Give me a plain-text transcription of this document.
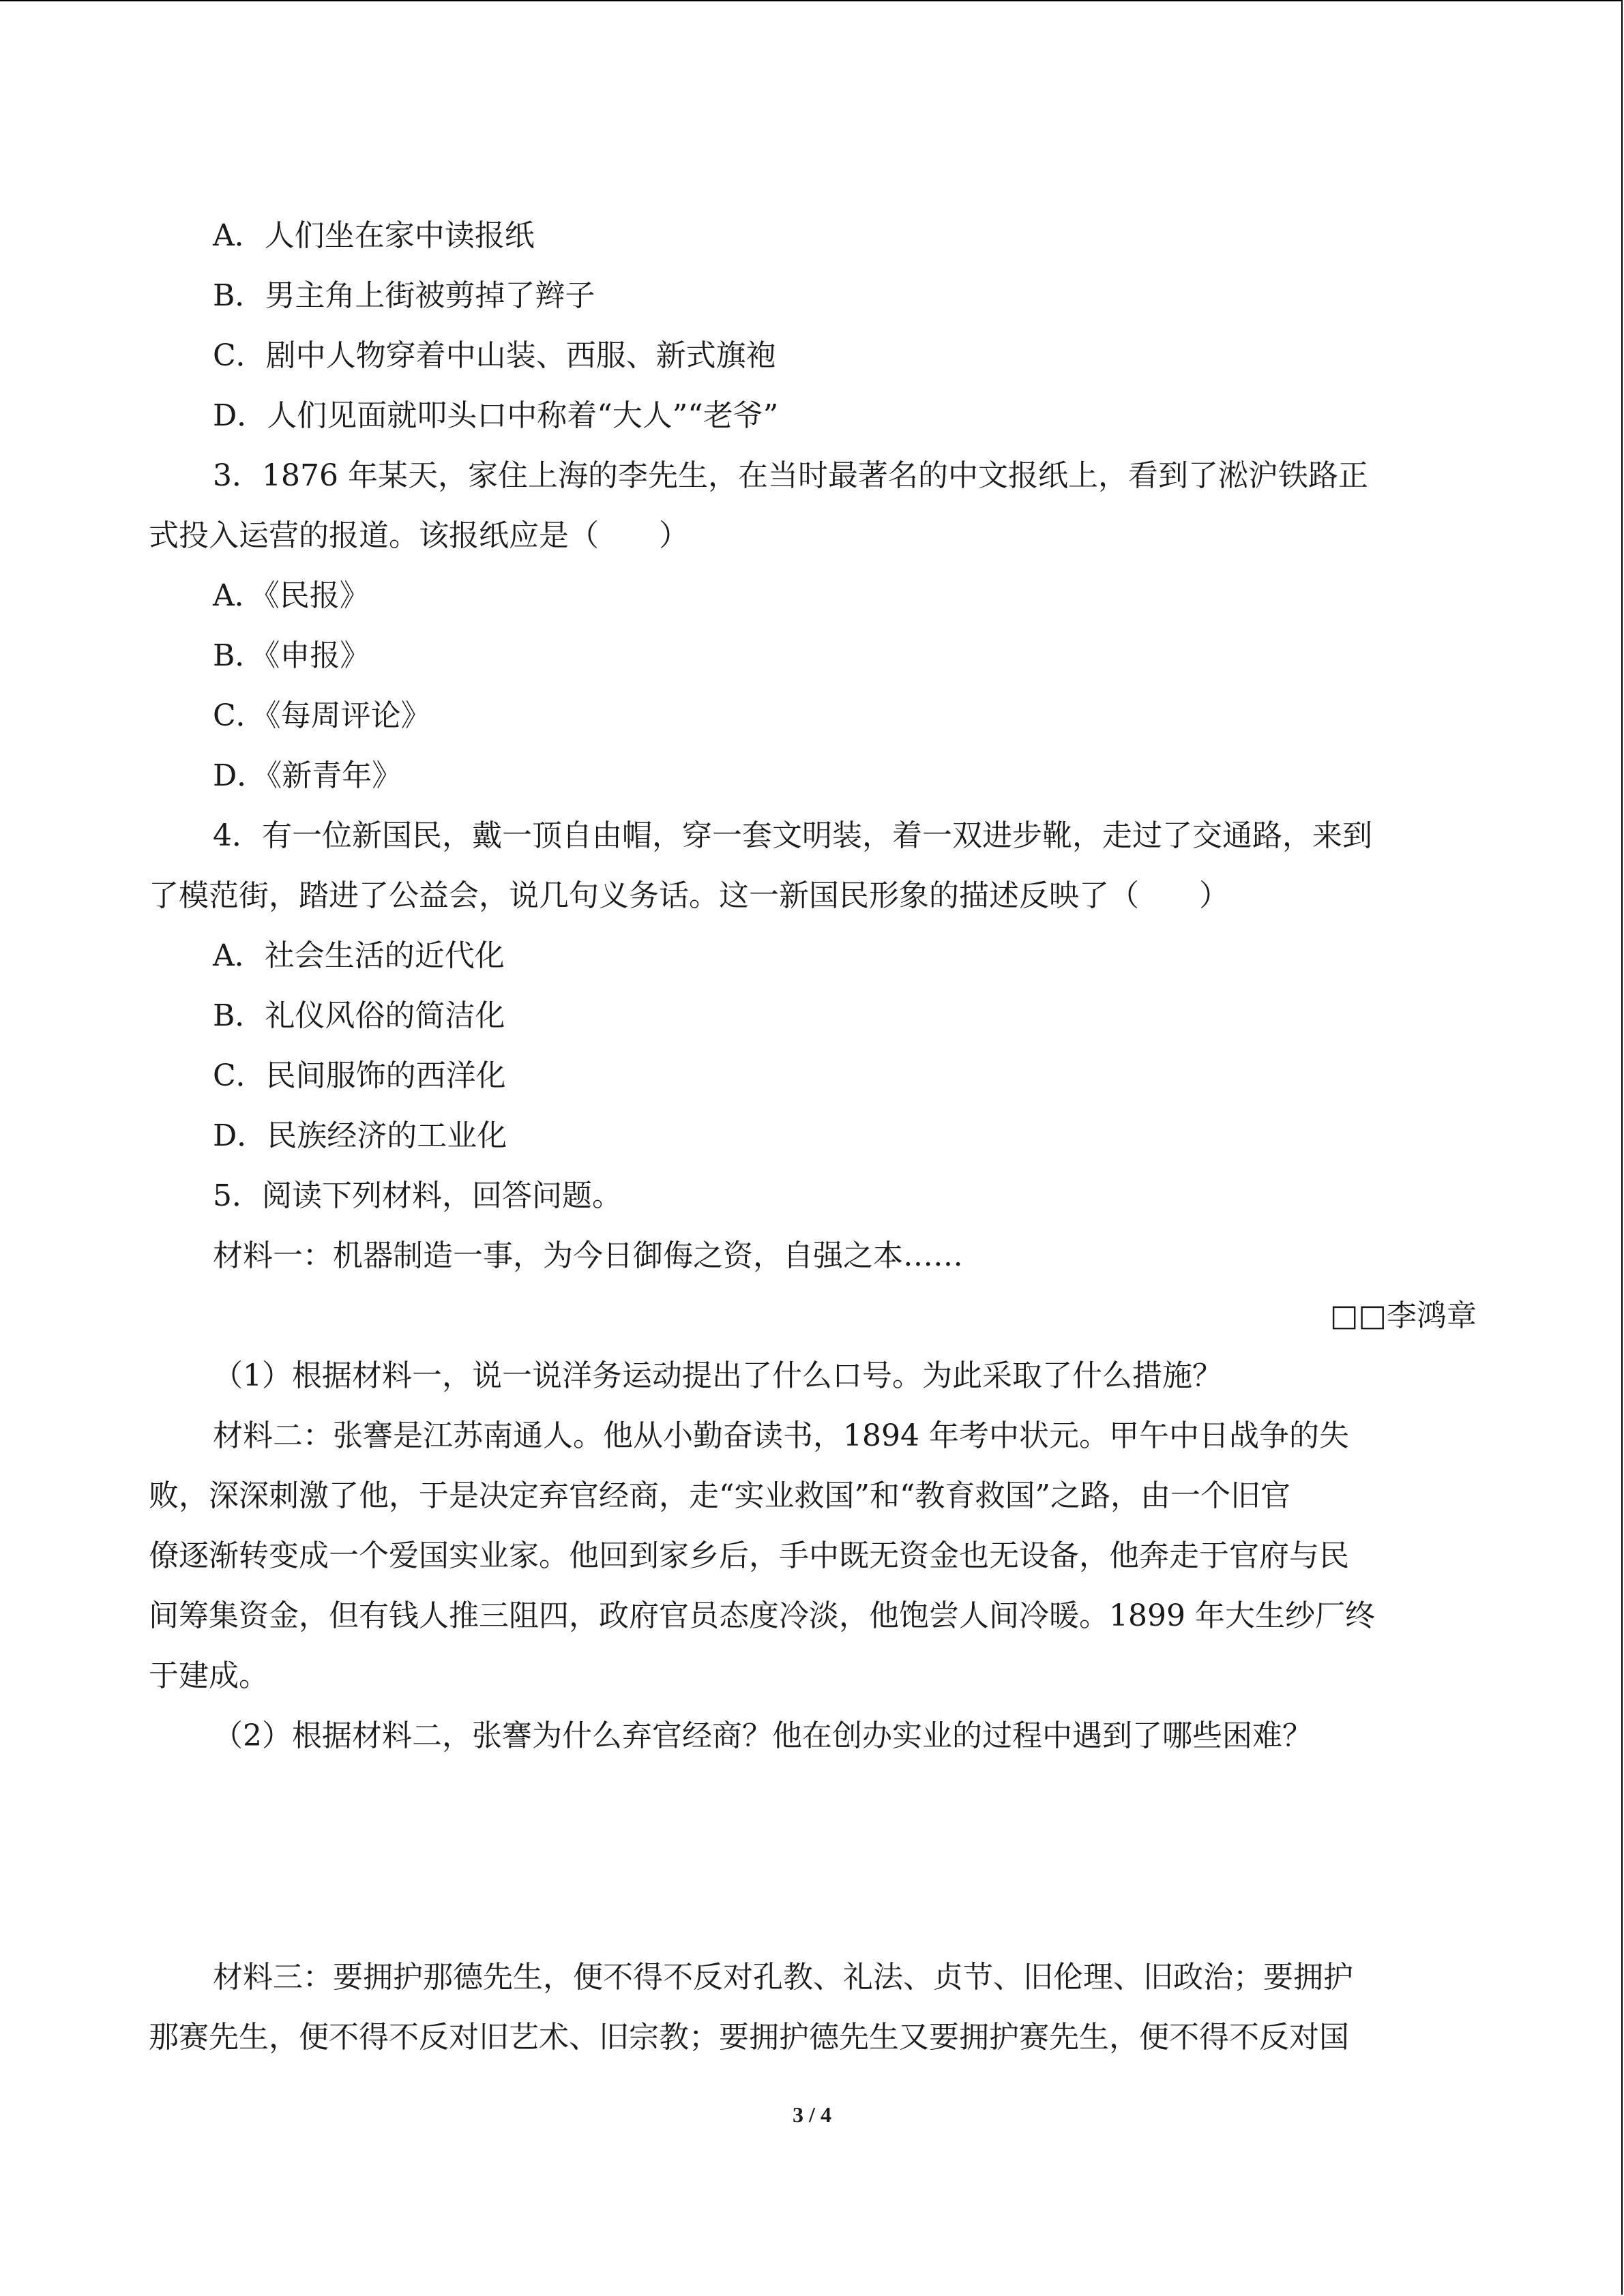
A．人们坐在家中读报纸
B．男主角上街被剪掉了辫子
C．剧中人物穿着中山装、西服、新式旗袍
D．人们见面就叩头口中称着“大人”“老爷”
3．1876 年某天，家住上海的李先生，在当时最著名的中文报纸上，看到了淞沪铁路正
式投入运营的报道。该报纸应是（　　）
A．《民报》
B．《申报》
C．《每周评论》
D．《新青年》
4．有一位新国民，戴一顶自由帽，穿一套文明装，着一双进步靴，走过了交通路，来到
了模范街，踏进了公益会，说几句义务话。这一新国民形象的描述反映了（　　）
A．社会生活的近代化
B．礼仪风俗的简洁化
C．民间服饰的西洋化
D．民族经济的工业化
5．阅读下列材料，回答问题。
材料一：机器制造一事，为今日御侮之资，自强之本……
□□李鸿章
（1）根据材料一，说一说洋务运动提出了什么口号。为此采取了什么措施？
材料二：张謇是江苏南通人。他从小勤奋读书，1894 年考中状元。甲午中日战争的失
败，深深刺激了他，于是决定弃官经商，走“实业救国”和“教育救国”之路，由一个旧官
僚逐渐转变成一个爱国实业家。他回到家乡后，手中既无资金也无设备，他奔走于官府与民
间筹集资金，但有钱人推三阻四，政府官员态度冷淡，他饱尝人间冷暖。1899 年大生纱厂终
于建成。
（2）根据材料二，张謇为什么弃官经商？他在创办实业的过程中遇到了哪些困难？
材料三：要拥护那德先生，便不得不反对孔教、礼法、贞节、旧伦理、旧政治；要拥护
那赛先生，便不得不反对旧艺术、旧宗教；要拥护德先生又要拥护赛先生，便不得不反对国
3 / 4
